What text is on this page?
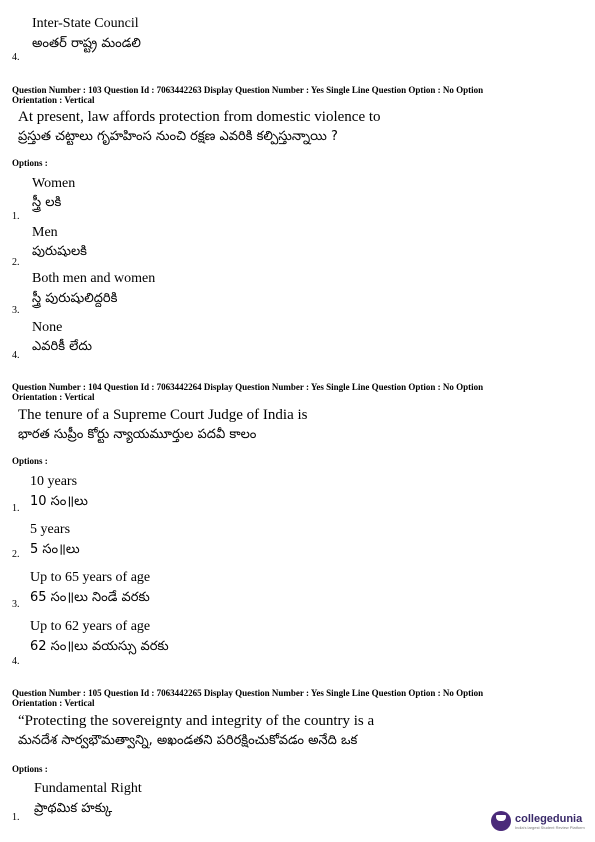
Inter-State Council
అంతర్ రాష్ట్ర మండలి
4.
Question Number : 103 Question Id : 7063442263 Display Question Number : Yes Single Line Question Option : No Option
Orientation : Vertical
At present, law affords protection from domestic violence to
ప్రస్తుత చట్టాలు గృహహింస నుంచి రక్షణ ఎవరికి కల్పిస్తున్నాయి ?
Options :
Women
స్త్రీ లకి
1.
Men
పురుషులకి
2.
Both men and women
స్త్రీ పురుషులిద్దరికి
3.
None
ఎవరికీ లేదు
4.
Question Number : 104 Question Id : 7063442264 Display Question Number : Yes Single Line Question Option : No Option
Orientation : Vertical
The tenure of a Supreme Court Judge of India is
భారత సుప్రీం కోర్టు న్యాయమూర్తుల పదవీ కాలం
Options :
10 years
10 సం॥లు
1.
5 years
5 సం॥లు
2.
Up to 65 years of age
65 సం॥లు నిండే వరకు
3.
Up to 62 years of age
62 సం॥లు వయస్సు వరకు
4.
Question Number : 105 Question Id : 7063442265 Display Question Number : Yes Single Line Question Option : No Option
Orientation : Vertical
“Protecting the sovereignty and integrity of the country is a
మనదేశ సార్వభౌమత్వాన్ని, అఖండతని పరిరక్షించుకోవడం అనేది ఒక
Options :
Fundamental Right
ప్రాథమిక హక్కు
1.	collegedunia
India's largest Student Review Platform
